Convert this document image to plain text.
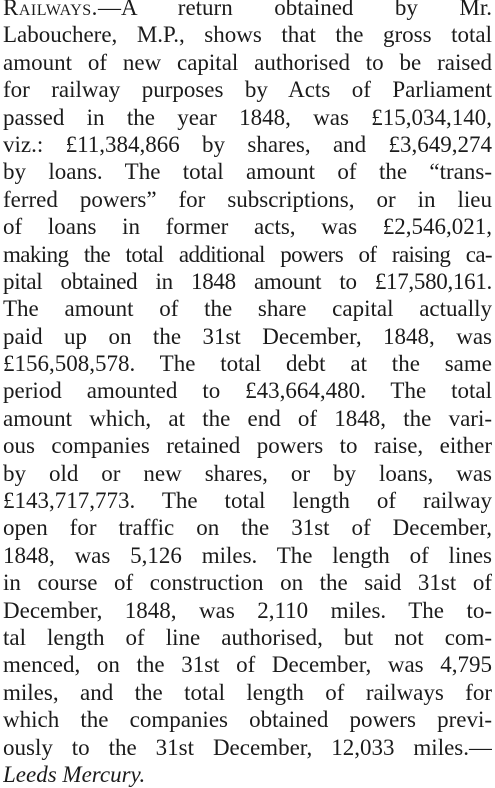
Railways.—A return obtained by Mr.
Labouchere, M.P., shows that the gross total
amount of new capital authorised to be raised
for railway purposes by Acts of Parliament
passed in the year 1848, was £15,034,140,
viz.: £11,384,866 by shares, and £3,649,274
by loans. The total amount of the “trans-
ferred powers” for subscriptions, or in lieu
of loans in former acts, was £2,546,021,
making the total additional powers of raising ca-
pital obtained in 1848 amount to £17,580,161.
The amount of the share capital actually
paid up on the 31st December, 1848, was
£156,508,578. The total debt at the same
period amounted to £43,664,480. The total
amount which, at the end of 1848, the vari-
ous companies retained powers to raise, either
by old or new shares, or by loans, was
£143,717,773. The total length of railway
open for traffic on the 31st of December,
1848, was 5,126 miles. The length of lines
in course of construction on the said 31st of
December, 1848, was 2,110 miles. The to-
tal length of line authorised, but not com-
menced, on the 31st of December, was 4,795
miles, and the total length of railways for
which the companies obtained powers previ-
ously to the 31st December, 12,033 miles.—
Leeds Mercury.
